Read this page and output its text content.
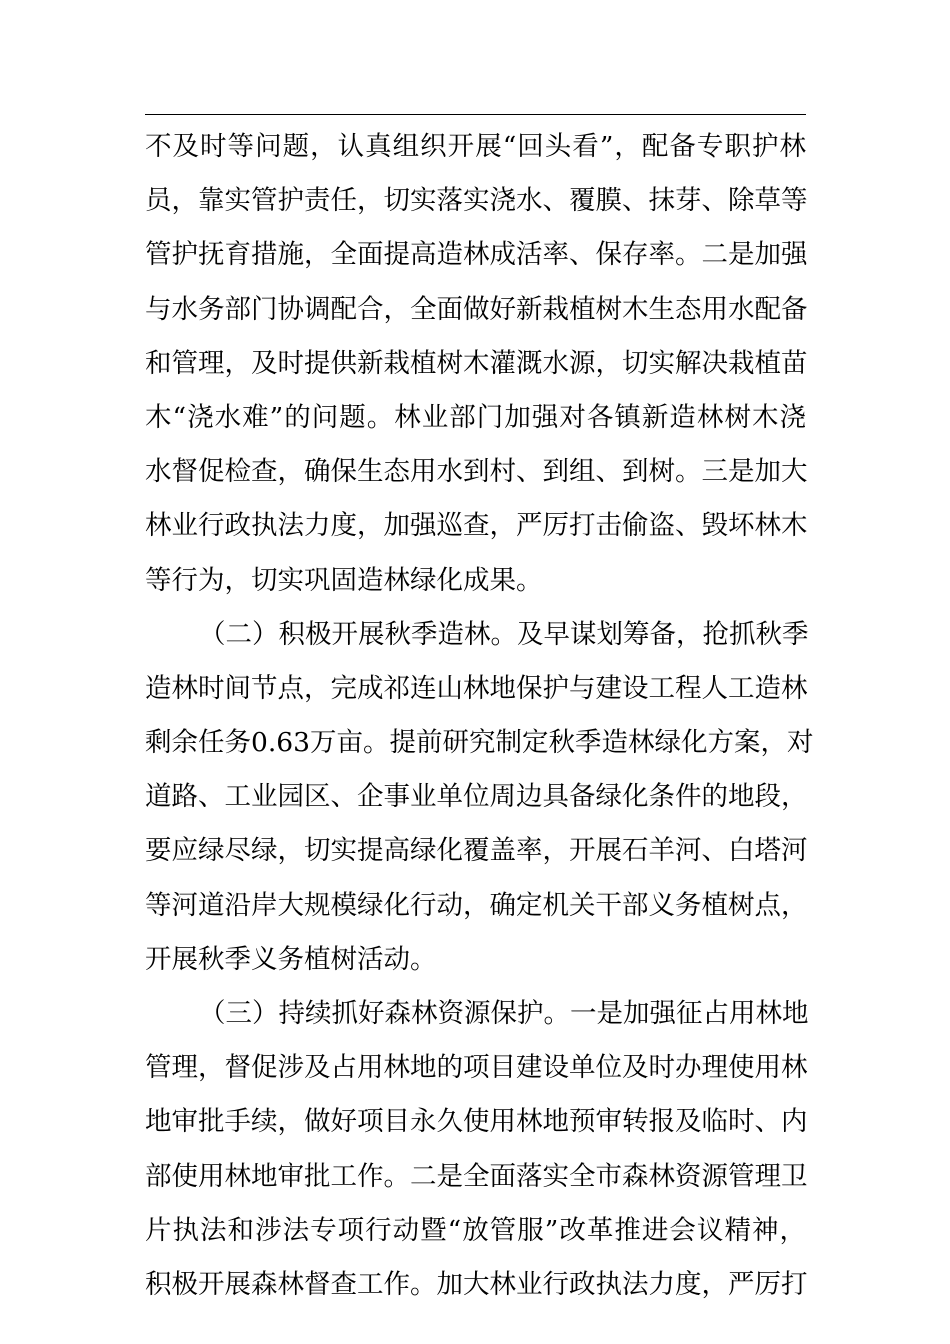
不及时等问题，认真组织开展“回头看”，配备专职护林
员，靠实管护责任，切实落实浇水、覆膜、抹芽、除草等
管护抚育措施，全面提高造林成活率、保存率。二是加强
与水务部门协调配合，全面做好新栽植树木生态用水配备
和管理，及时提供新栽植树木灌溉水源，切实解决栽植苗
木“浇水难”的问题。林业部门加强对各镇新造林树木浇
水督促检查，确保生态用水到村、到组、到树。三是加大
林业行政执法力度，加强巡查，严厉打击偷盗、毁坏林木
等行为，切实巩固造林绿化成果。
（二）积极开展秋季造林。及早谋划筹备，抢抓秋季
造林时间节点，完成祁连山林地保护与建设工程人工造林
剩余任务0.63万亩。提前研究制定秋季造林绿化方案，对
道路、工业园区、企事业单位周边具备绿化条件的地段，
要应绿尽绿，切实提高绿化覆盖率，开展石羊河、白塔河
等河道沿岸大规模绿化行动，确定机关干部义务植树点，
开展秋季义务植树活动。
（三）持续抓好森林资源保护。一是加强征占用林地
管理，督促涉及占用林地的项目建设单位及时办理使用林
地审批手续，做好项目永久使用林地预审转报及临时、内
部使用林地审批工作。二是全面落实全市森林资源管理卫
片执法和涉法专项行动暨“放管服”改革推进会议精神，
积极开展森林督查工作。加大林业行政执法力度，严厉打
